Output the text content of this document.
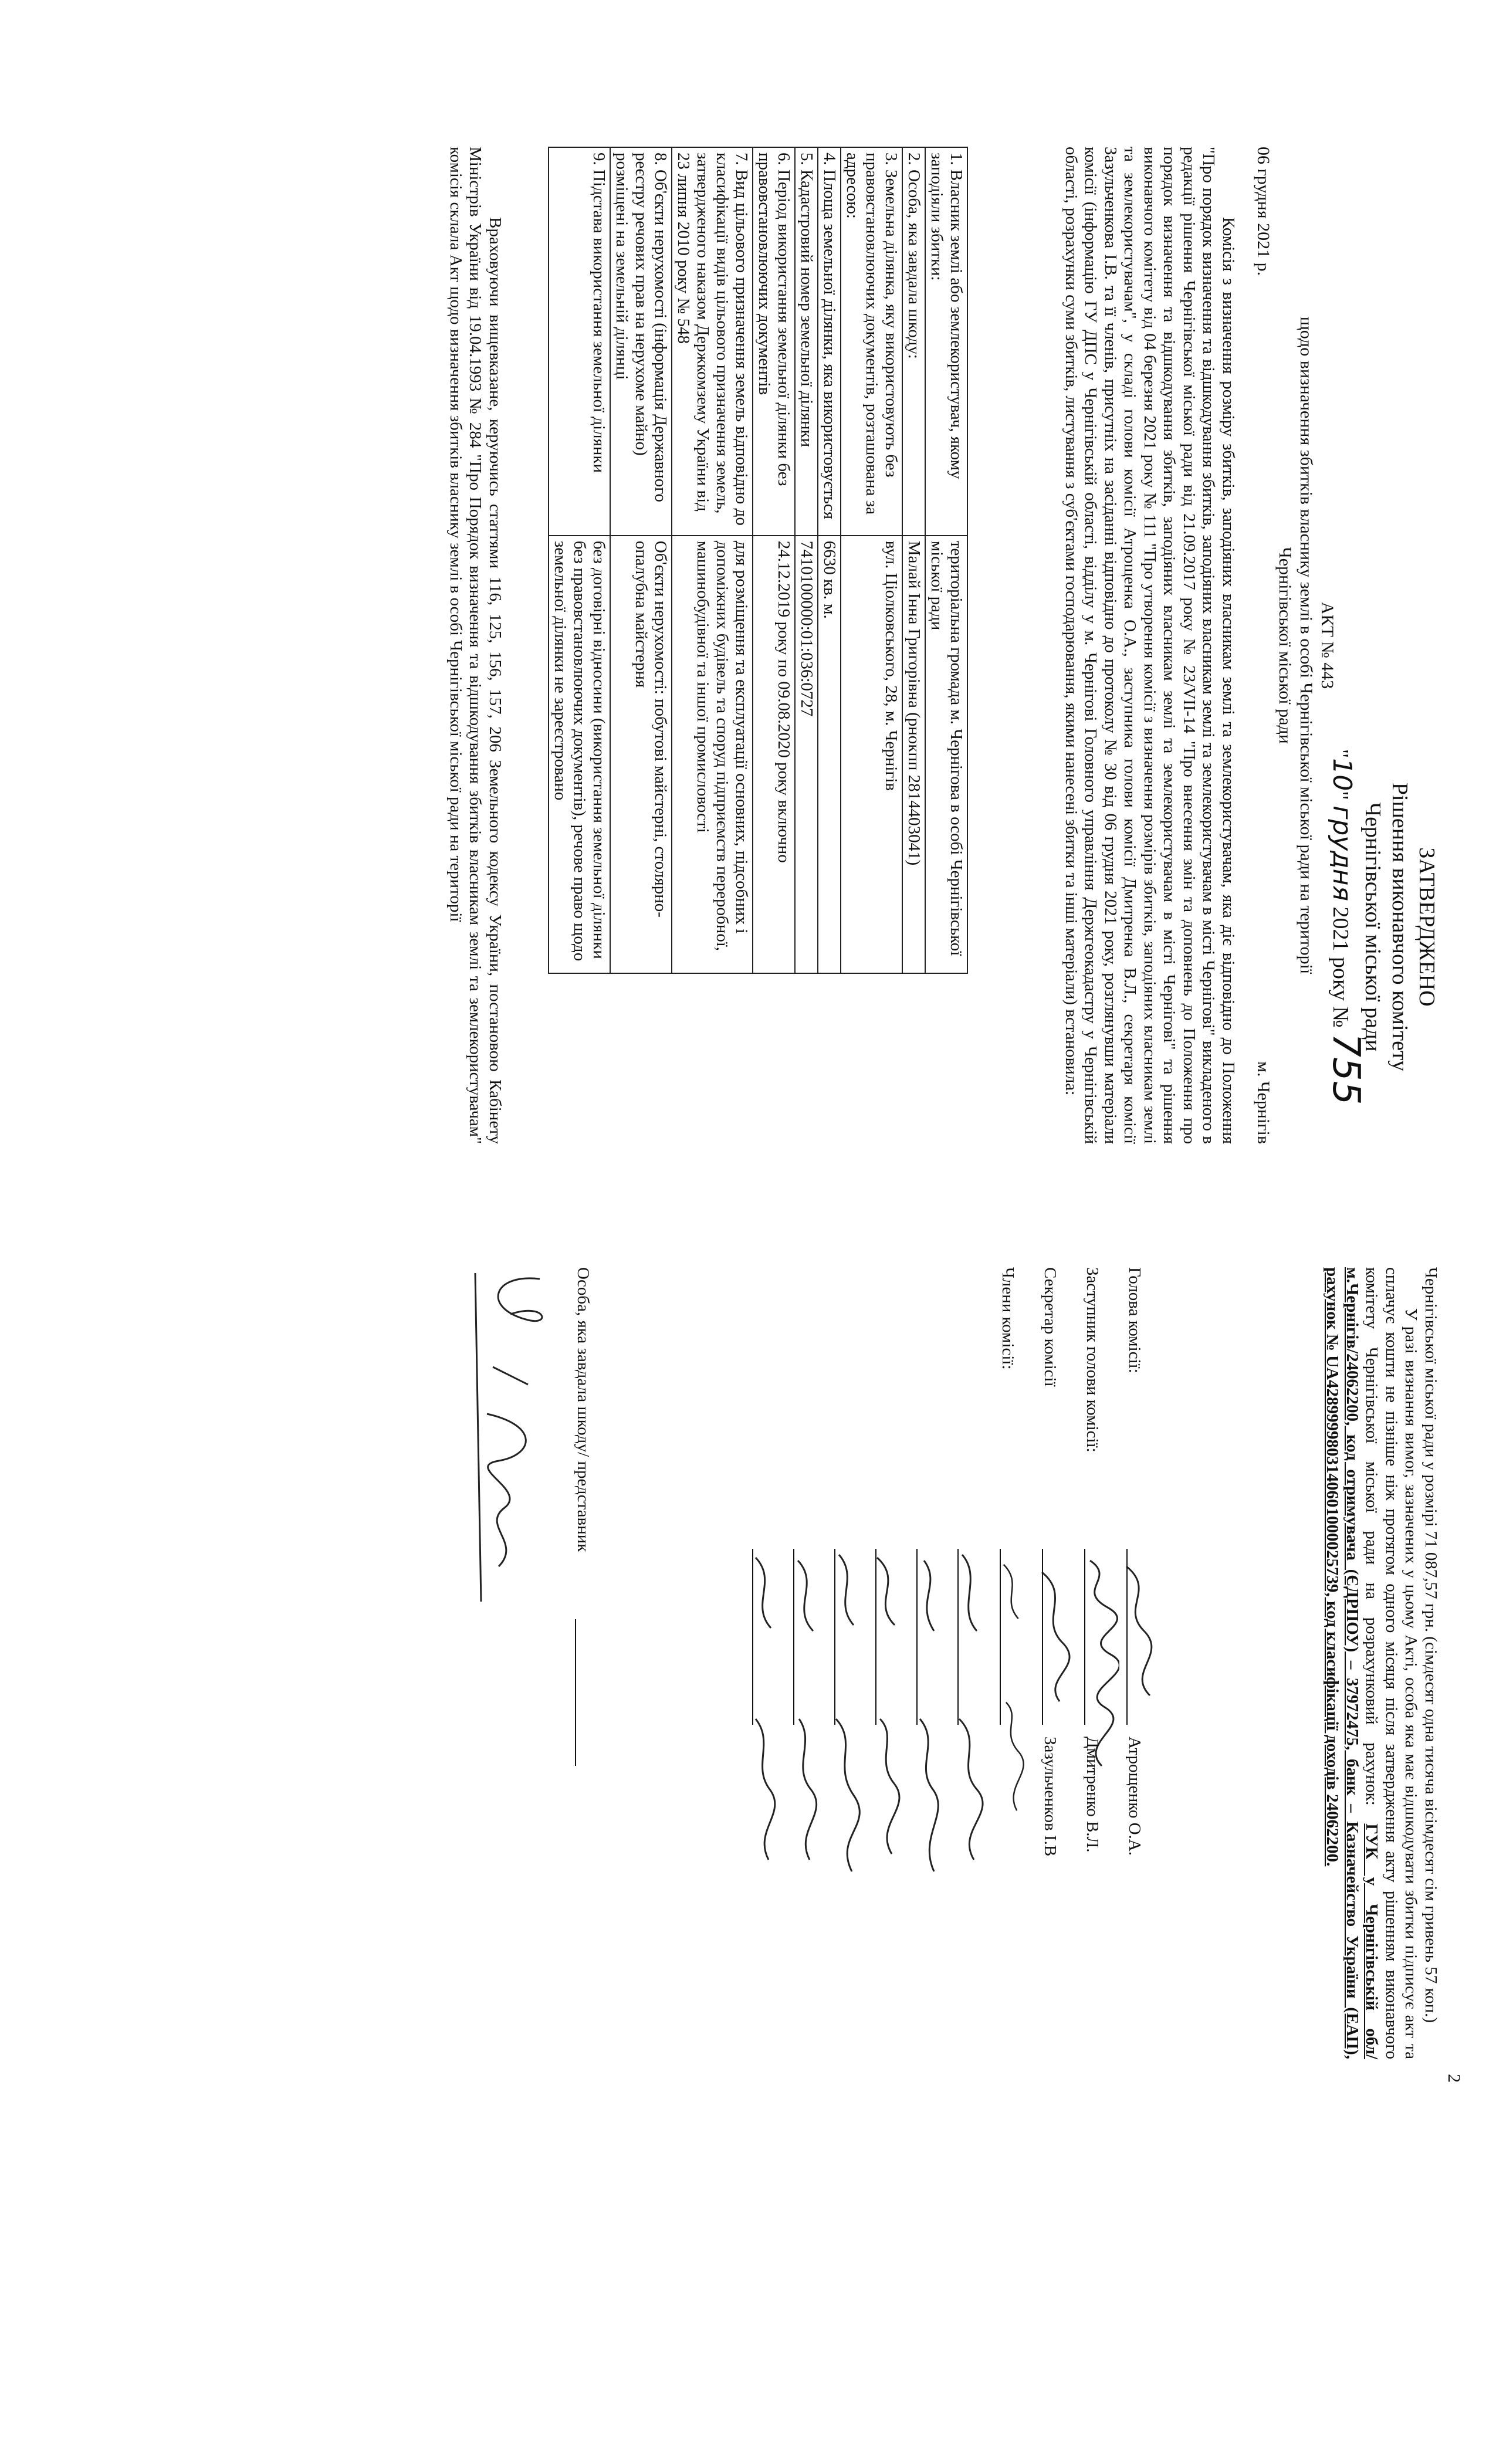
ЗАТВЕРДЖЕНО
Рішення виконавчого комітету
Чернігівської міської ради
"10" грудня 2021 року № 755
АКТ № 443
щодо визначення збитків власнику землі в особі Чернігівської міської ради на території
Чернігівської міської ради
06 грудня 2021 р.
м. Чернігів

Комісія з визначення розміру збитків, заподіяних власникам землі та землекористувачам, яка діє відповідно до Положення "Про порядок визначення та відшкодування збитків, заподіяних власникам землі та землекористувачам в місті Чернігові" викладеного в редакції рішення Чернігівської міської ради від 21.09.2017 року № 23/VII-14 "Про внесення змін та доповнень до Положення про порядок визначення та відшкодування збитків, заподіяних власникам землі та землекористувачам в місті Чернігові" та рішення виконавчого комітету від 04 березня 2021 року № 111 "Про утворення комісії з визначення розмірів збитків, заподіяних власникам землі та землекористувачам", у складі голови комісії Атрощенка О.А., заступника голови комісії Дмитренка В.Л., секретаря комісії Зазульченкова І.В. та її членів, присутніх на засіданні відповідно до протоколу № 30 від 06 грудня 2021 року, розглянувши матеріали комісії (інформацію ГУ ДПС у Чернігівській області, відділу у м. Чернігові Головного управління Держгеокадастру у Чернігівській області, розрахунки суми збитків, листування з суб'єктами господарювання, якими нанесені збитки та інші матеріали) встановила:

1. Власник землі або землекористувач, якому заподіяли збитки:	територіальна громада м. Чернігова в особі Чернігівської міської ради
2. Особа, яка завдала шкоду:	Малай Інна Григорівна (рнокпп 2814403041)
3. Земельна ділянка, яку використовують без правовстановлюючих документів, розташована за адресою:	вул. Ціолковського, 28, м. Чернігів
4. Площа земельної ділянки, яка використовується	6630 кв. м.
5. Кадастровий номер земельної ділянки	7410100000:01:036:0727
6. Період використання земельної ділянки без правовстановлюючих документів	24.12.2019 року по 09.08.2020 року включно
7. Вид цільового призначення земель відповідно до класифікації видів цільового призначення земель, затвердженого наказом Держкомзему України від 23 липня 2010 року № 548	для розміщення та експлуатації основних, підсобних і допоміжних будівель та споруд підприємств переробної, машинобудівної та іншої промисловості
8. Об'єкти нерухомості (інформація Державного реєстру речових прав на нерухоме майно) розміщені на земельній ділянці	Об'єкти нерухомості: побутові майстерні, столярно-опалубна майстерня
9. Підстава використання земельної ділянки	без договірні відносини (використання земельної ділянки без правовстановлюючих документів), речове право щодо земельної ділянки не зареєстровано

Враховуючи вищевказане, керуючись статтями 116, 125, 156, 157, 206 Земельного кодексу України, постановою Кабінету Міністрів України від 19.04.1993 № 284 "Про Порядок визначення та відшкодування збитків власникам землі та землекористувачам" комісія склала Акт щодо визначення збитків власнику землі в особі Чернігівської міської ради на території

2

Чернігівської міської ради у розмірі 71 087,57 грн. (сімдесят одна тисяча вісімдесят сім гривень 57 коп.)

У разі визнання вимог, зазначених у цьому Акті, особа яка має відшкодувати збитки підписує акт та сплачує кошти не пізніше ніж протягом одного місяця після затвердження акту рішенням виконавчого комітету Чернігівської міської ради на розрахунковий рахунок: ГУК у Чернігівській обл/м.Чернігів/24062200, код отримувача (ЄДРПОУ) – 37972475, банк – Казначейство України (ЕАП), рахунок № UA428999980314060100002573​9, код класифікації доходів 24062200.

Голова комісії:
Атрощенко О.А.
Заступник голови комісії:
Дмитренко В.Л.
Секретар комісії
Зазульченков І.В
Члени комісії:
Особа, яка завдала шкоду/ представник
